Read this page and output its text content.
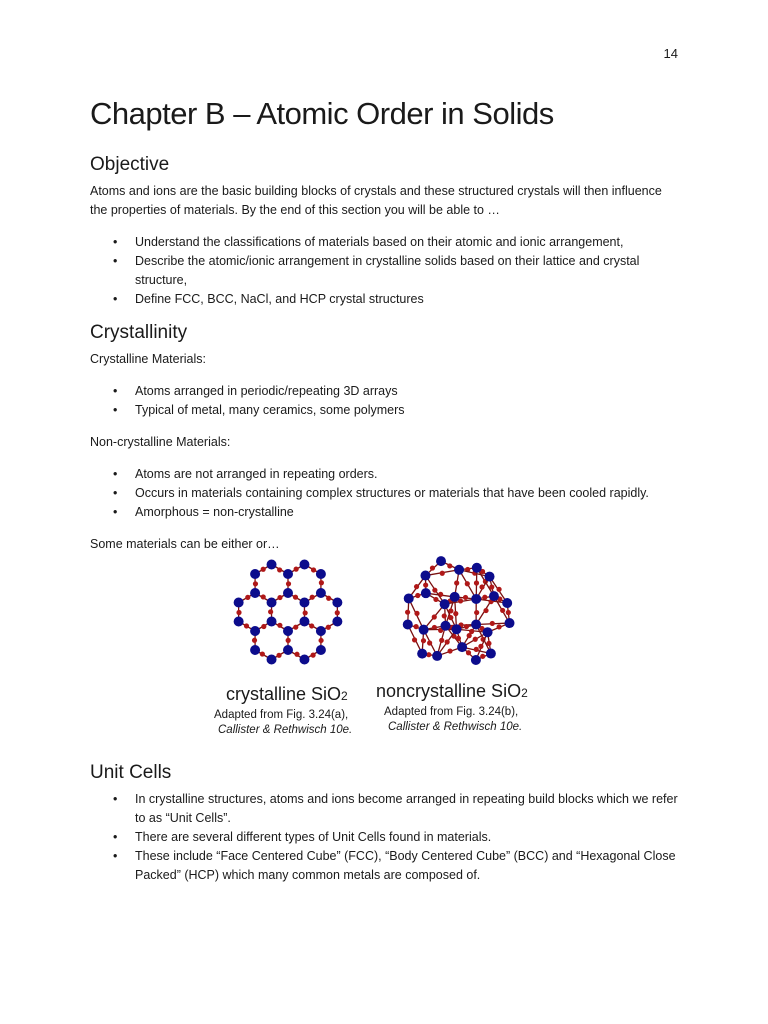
14
Chapter B – Atomic Order in Solids
Objective

Atoms and ions are the basic building blocks of crystals and these structured crystals will then influence the properties of materials. By the end of this section you will be able to …

• Understand the classifications of materials based on their atomic and ionic arrangement,
• Describe the atomic/ionic arrangement in crystalline solids based on their lattice and crystal structure,
• Define FCC, BCC, NaCl, and HCP crystal structures
Crystallinity

Crystalline Materials:

• Atoms arranged in periodic/repeating 3D arrays
• Typical of metal, many ceramics, some polymers

Non-crystalline Materials:

• Atoms are not arranged in repeating orders.
• Occurs in materials containing complex structures or materials that have been cooled rapidly.
• Amorphous = non-crystalline

Some materials can be either or…

crystalline SiO2
Adapted from Fig. 3.24(a),
Callister & Rethwisch 10e.
noncrystalline SiO2
Adapted from Fig. 3.24(b),
Callister & Rethwisch 10e.
Unit Cells
• In crystalline structures, atoms and ions become arranged in repeating build blocks which we refer to as “Unit Cells”.
• There are several different types of Unit Cells found in materials.
• These include “Face Centered Cube” (FCC), “Body Centered Cube” (BCC) and “Hexagonal Close Packed” (HCP) which many common metals are composed of.
